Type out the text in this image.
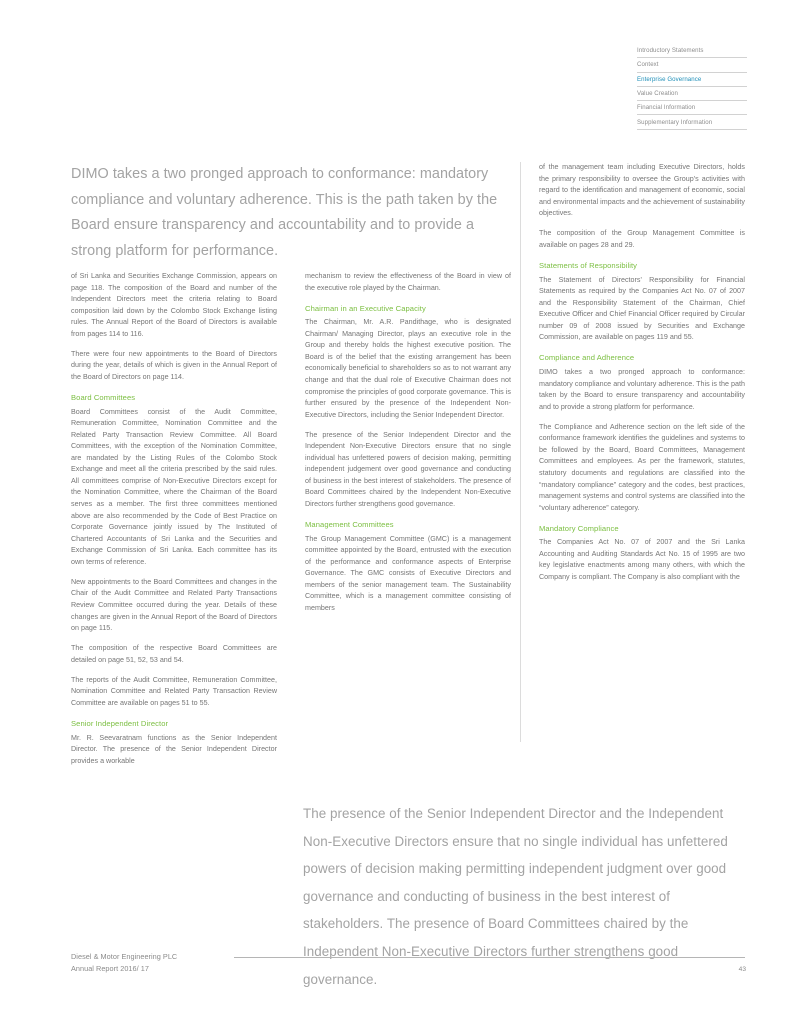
Introductory Statements
Context
Enterprise Governance
Value Creation
Financial Information
Supplementary Information
DIMO takes a two pronged approach to conformance: mandatory compliance and voluntary adherence. This is the path taken by the Board ensure transparency and accountability and to provide a strong platform for performance.

of Sri Lanka and Securities Exchange Commission, appears on page 118. The composition of the Board and number of the Independent Directors meet the criteria relating to Board composition laid down by the Colombo Stock Exchange listing rules. The Annual Report of the Board of Directors is available from pages 114 to 116.

There were four new appointments to the Board of Directors during the year, details of which is given in the Annual Report of the Board of Directors on page 114.

Board Committees

Board Committees consist of the Audit Committee, Remuneration Committee, Nomination Committee and the Related Party Transaction Review Committee. All Board Committees, with the exception of the Nomination Committee, are mandated by the Listing Rules of the Colombo Stock Exchange and meet all the criteria prescribed by the said rules. All committees comprise of Non-Executive Directors except for the Nomination Committee, where the Chairman of the Board serves as a member. The first three committees mentioned above are also recommended by the Code of Best Practice on Corporate Governance jointly issued by The Instituted of Chartered Accountants of Sri Lanka and the Securities and Exchange Commission of Sri Lanka. Each committee has its own terms of reference.

New appointments to the Board Committees and changes in the Chair of the Audit Committee and Related Party Transactions Review Committee occurred during the year. Details of these changes are given in the Annual Report of the Board of Directors on page 115.

The composition of the respective Board Committees are detailed on page 51, 52, 53 and 54.

The reports of the Audit Committee, Remuneration Committee, Nomination Committee and Related Party Transaction Review Committee are available on pages 51 to 55.

Senior Independent Director

Mr. R. Seevaratnam functions as the Senior Independent Director. The presence of the Senior Independent Director provides a workable

mechanism to review the effectiveness of the Board in view of the executive role played by the Chairman.

Chairman in an Executive Capacity

The Chairman, Mr. A.R. Pandithage, who is designated Chairman/ Managing Director, plays an executive role in the Group and thereby holds the highest executive position. The Board is of the belief that the existing arrangement has been economically beneficial to shareholders so as to not warrant any change and that the dual role of Executive Chairman does not compromise the principles of good corporate governance. This is further ensured by the presence of the Independent Non-Executive Directors, including the Senior Independent Director.

The presence of the Senior Independent Director and the Independent Non-Executive Directors ensure that no single individual has unfettered powers of decision making, permitting independent judgement over good governance and conducting of business in the best interest of stakeholders. The presence of Board Committees chaired by the Independent Non-Executive Directors further strengthens good governance.

Management Committees

The Group Management Committee (GMC) is a management committee appointed by the Board, entrusted with the execution of the performance and conformance aspects of Enterprise Governance. The GMC consists of Executive Directors and members of the senior management team. The Sustainability Committee, which is a management committee consisting of members

of the management team including Executive Directors, holds the primary responsibility to oversee the Group's activities with regard to the identification and management of economic, social and environmental impacts and the achievement of sustainability objectives.

The composition of the Group Management Committee is available on pages 28 and 29.

Statements of Responsibility

The Statement of Directors' Responsibility for Financial Statements as required by the Companies Act No. 07 of 2007 and the Responsibility Statement of the Chairman, Chief Executive Officer and Chief Financial Officer required by Circular number 09 of 2008 issued by Securities and Exchange Commission, are available on pages 119 and 55.

Compliance and Adherence

DIMO takes a two pronged approach to conformance: mandatory compliance and voluntary adherence. This is the path taken by the Board to ensure transparency and accountability and to provide a strong platform for performance.

The Compliance and Adherence section on the left side of the conformance framework identifies the guidelines and systems to be followed by the Board, Board Committees, Management Committees and employees. As per the framework, statutes, statutory documents and regulations are classified into the “mandatory compliance” category and the codes, best practices, management systems and control systems are classified into the “voluntary adherence” category.

Mandatory Compliance

The Companies Act No. 07 of 2007 and the Sri Lanka Accounting and Auditing Standards Act No. 15 of 1995 are two key legislative enactments among many others, with which the Company is compliant. The Company is also compliant with the

The presence of the Senior Independent Director and the Independent Non-Executive Directors ensure that no single individual has unfettered powers of decision making permitting independent judgment over good governance and conducting of business in the best interest of stakeholders. The presence of Board Committees chaired by the Independent Non-Executive Directors further strengthens good governance.
Diesel & Motor Engineering PLC
Annual Report 2016/ 17	43
